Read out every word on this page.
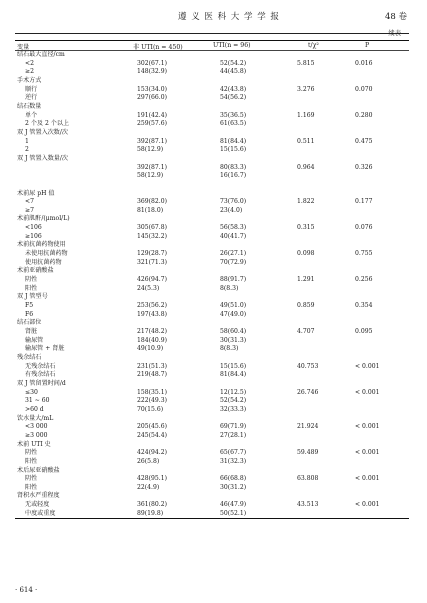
遵 义 医 科 大 学 学 报	48 卷
续表
变量	非 UTI(n = 450)	UTI(n = 96)	t/χ²	P
结石最大直径/cm
<2	302(67.1)	52(54.2)	5.815	0.016
≥2	148(32.9)	44(45.8)
手术方式
顺行	153(34.0)	42(43.8)	3.276	0.070
逆行	297(66.0)	54(56.2)
结石数量
单个	191(42.4)	35(36.5)	1.169	0.280
2 个及 2 个以上	259(57.6)	61(63.5)
双 J 管置入次数/次
1	392(87.1)	81(84.4)	0.511	0.475
2	58(12.9)	15(15.6)
双 J 管置入数量/次
392(87.1)	80(83.3)	0.964	0.326
58(12.9)	16(16.7)
术前尿 pH 值
<7	369(82.0)	73(76.0)	1.822	0.177
≥7	81(18.0)	23(4.0)
术前肌酐/(μmol/L)
<106	305(67.8)	56(58.3)	0.315	0.076
≥106	145(32.2)	40(41.7)
术前抗菌药物使用
未使用抗菌药物	129(28.7)	26(27.1)	0.098	0.755
使用抗菌药物	321(71.3)	70(72.9)
术前亚硝酸盐
阴性	426(94.7)	88(91.7)	1.291	0.256
阳性	24(5.3)	8(8.3)
双 J 管型号
F5	253(56.2)	49(51.0)	0.859	0.354
F6	197(43.8)	47(49.0)
结石部位
肾脏	217(48.2)	58(60.4)	4.707	0.095
输尿管	184(40.9)	30(31.3)
输尿管 + 肾脏	49(10.9)	8(8.3)
残余结石
无残余结石	231(51.3)	15(15.6)	40.753	< 0.001
有残余结石	219(48.7)	81(84.4)
双 J 管留置时间/d
≤30	158(35.1)	12(12.5)	26.746	< 0.001
31 ~ 60	222(49.3)	52(54.2)
>60 d	70(15.6)	32(33.3)
饮水量大/mL
<3 000	205(45.6)	69(71.9)	21.924	< 0.001
≥3 000	245(54.4)	27(28.1)
术前 UTI 史
阴性	424(94.2)	65(67.7)	59.489	< 0.001
阳性	26(5.8)	31(32.3)
术后尿亚硝酸盐
阴性	428(95.1)	66(68.8)	63.808	< 0.001
阳性	22(4.9)	30(31.2)
肾积水严重程度
无或轻度	361(80.2)	46(47.9)	43.513	< 0.001
中度或重度	89(19.8)	50(52.1)
· 614 ·
